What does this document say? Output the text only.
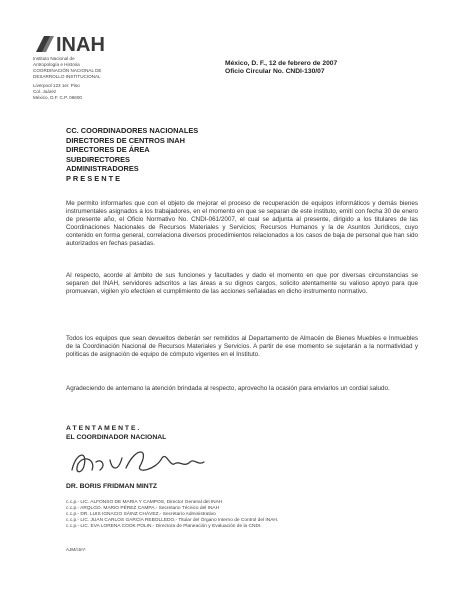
INAH
Instituto Nacional de
Antropología e Historia
COORDINACIÓN NACIONAL DE
DESARROLLO INSTITUCIONAL
Liverpool 123 1er. Piso
Col. Juárez
México, D.F. C.P. 06600
México, D. F., 12 de febrero de 2007
Oficio Circular No. CNDI-130/07
CC. COORDINADORES NACIONALES
DIRECTORES DE CENTROS INAH
DIRECTORES DE ÁREA
SUBDIRECTORES
ADMINISTRADORES
P R E S E N T E
Me permito informarles que con el objeto de mejorar el proceso de recuperación de equipos informáticos y demás bienes instrumentales asignados a los trabajadores, en el momento en que se separan de este instituto, emití con fecha 30 de enero de presente año, el Oficio Normativo No. CNDI-061/2007, el cual se adjunta al presente, dirigido a los titulares de las Coordinaciones Nacionales de Recursos Materiales y Servicios; Recursos Humanos y la de Asuntos Jurídicos, cuyo contenido en forma general, correlaciona diversos procedimientos relacionados a los casos de baja de personal que han sido autorizados en fechas pasadas.
Al respecto, acorde al ámbito de sus funciones y facultades y dado el momento en que por diversas circunstancias se separen del INAH, servidores adscritos a las áreas a su dignos cargos, solicito atentamente su valioso apoyo para que promuevan, vigilen y/o efectúen el cumplimiento de las acciones señaladas en dicho instrumento normativo.
Todos los equipos que sean devueltos deberán ser remitidos al Departamento de Almacén de Bienes Muebles e Inmuebles de la Coordinación Nacional de Recursos Materiales y Servicios. A partir de ese momento se sujetarán a la normatividad y políticas de asignación de equipo de cómputo vigentes en el Instituto.
Agradeciendo de antemano la atención brindada al respecto, aprovecho la ocasión para enviarlos un cordial saludo.
A T E N T A M E N T E .
EL COORDINADOR NACIONAL
DR. BORIS FRIDMAN MINTZ
c.c.p.- LIC. ALFONSO DE MARIA Y CAMPOS, Director General del INAH
c.c.p.- ARQLGO. MARIO PÉREZ CAMPA.- Secretario Técnico del INAH
c.c.p.- DR. LUIS IGNACIO SÁINZ CHÁVEZ.- Secretario Administrativo
c.c.p.- LIC. JUAN CARLOS GARCÍA REBOLLEDO.- Titular del Órgano Interno de Control del INAH.
c.c.p.- LIC. EVA LORENA COOK POLIN.- Directora de Planeación y Evaluación de la CNDI.
AJM/ctm*
